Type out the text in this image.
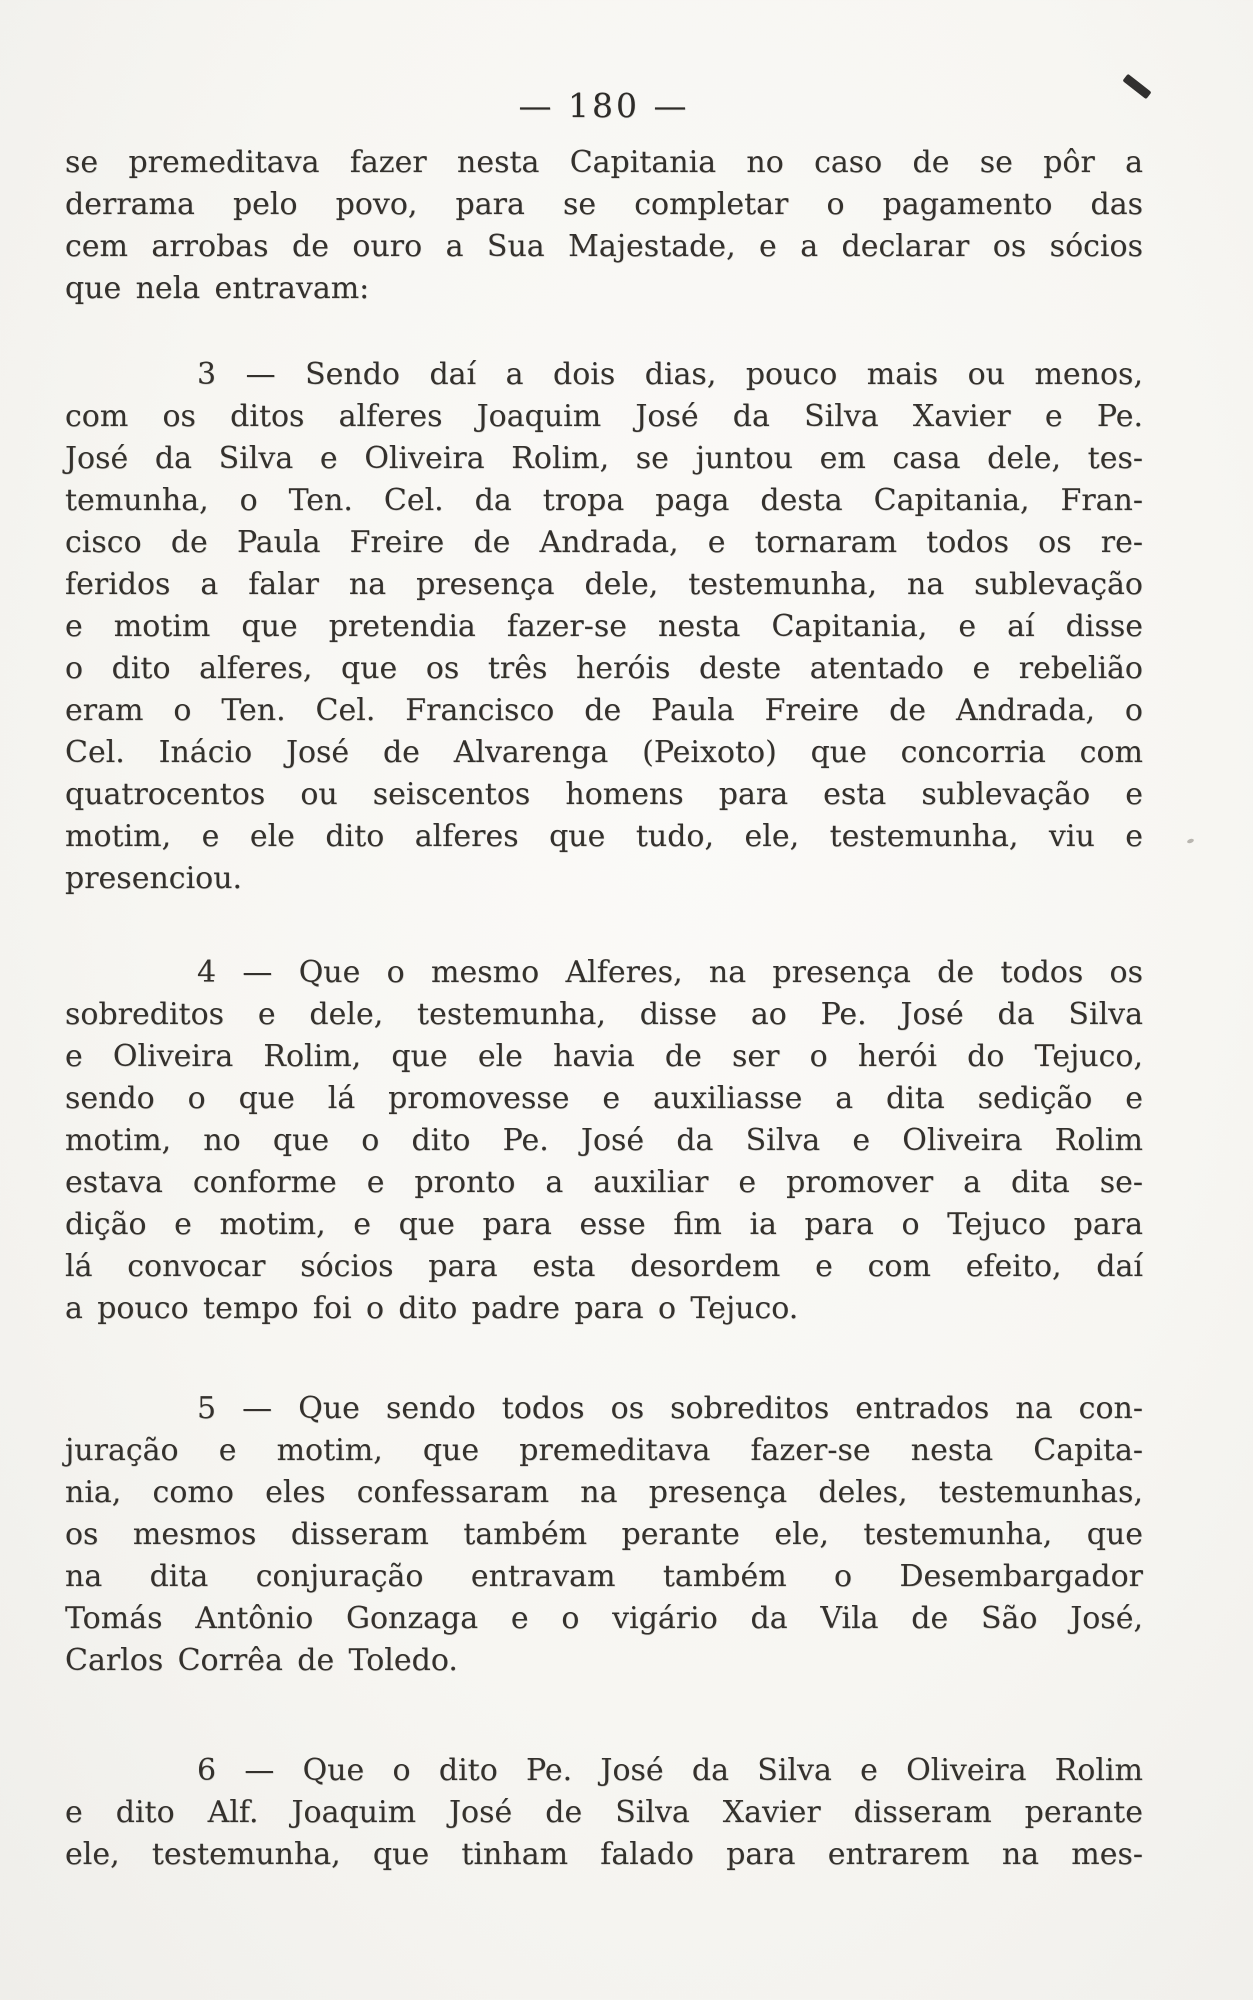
— 180 —
se premeditava fazer nesta Capitania no caso de se pôr a
derrama pelo povo, para se completar o pagamento das
cem arrobas de ouro a Sua Majestade, e a declarar os sócios
que nela entravam:
3 — Sendo daí a dois dias, pouco mais ou menos,
com os ditos alferes Joaquim José da Silva Xavier e Pe.
José da Silva e Oliveira Rolim, se juntou em casa dele, tes-
temunha, o Ten. Cel. da tropa paga desta Capitania, Fran-
cisco de Paula Freire de Andrada, e tornaram todos os re-
feridos a falar na presença dele, testemunha, na sublevação
e motim que pretendia fazer-se nesta Capitania, e aí disse
o dito alferes, que os três heróis deste atentado e rebelião
eram o Ten. Cel. Francisco de Paula Freire de Andrada, o
Cel. Inácio José de Alvarenga (Peixoto) que concorria com
quatrocentos ou seiscentos homens para esta sublevação e
motim, e ele dito alferes que tudo, ele, testemunha, viu e
presenciou.
4 — Que o mesmo Alferes, na presença de todos os
sobreditos e dele, testemunha, disse ao Pe. José da Silva
e Oliveira Rolim, que ele havia de ser o herói do Tejuco,
sendo o que lá promovesse e auxiliasse a dita sedição e
motim, no que o dito Pe. José da Silva e Oliveira Rolim
estava conforme e pronto a auxiliar e promover a dita se-
dição e motim, e que para esse fim ia para o Tejuco para
lá convocar sócios para esta desordem e com efeito, daí
a pouco tempo foi o dito padre para o Tejuco.
5 — Que sendo todos os sobreditos entrados na con-
juração e motim, que premeditava fazer-se nesta Capita-
nia, como eles confessaram na presença deles, testemunhas,
os mesmos disseram também perante ele, testemunha, que
na dita conjuração entravam também o Desembargador
Tomás Antônio Gonzaga e o vigário da Vila de São José,
Carlos Corrêa de Toledo.
6 — Que o dito Pe. José da Silva e Oliveira Rolim
e dito Alf. Joaquim José de Silva Xavier disseram perante
ele, testemunha, que tinham falado para entrarem na mes-
